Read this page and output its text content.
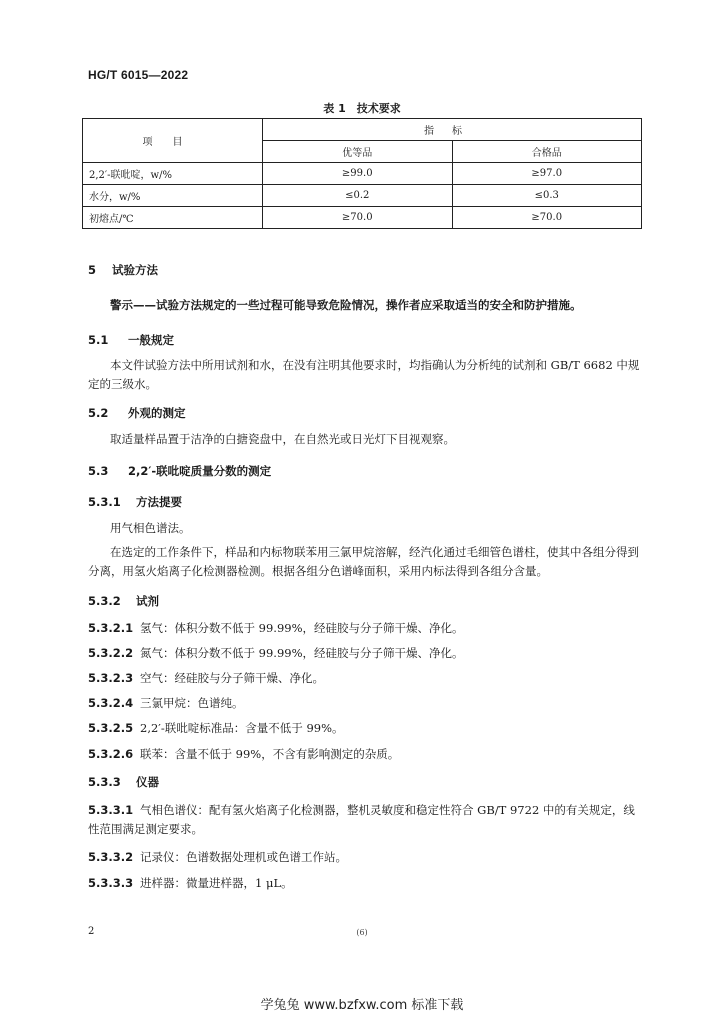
HG/T 6015—2022
表 1　技术要求
项目	指标	
	优等品	合格品
2,2′-联吡啶，w/%	≥99.0	≥97.0
水分，w/%	≤0.2	≤0.3
初熔点/℃	≥70.0	≥70.0
5 试验方法
警示——试验方法规定的一些过程可能导致危险情况，操作者应采取适当的安全和防护措施。
5.1 一般规定
本文件试验方法中所用试剂和水，在没有注明其他要求时，均指确认为分析纯的试剂和 GB/T 6682 中规定的三级水。
5.2 外观的测定
取适量样品置于洁净的白搪瓷盘中，在自然光或日光灯下目视观察。
5.3 2,2′-联吡啶质量分数的测定
5.3.1 方法提要
用气相色谱法。
在选定的工作条件下，样品和内标物联苯用三氯甲烷溶解，经汽化通过毛细管色谱柱，使其中各组分得到分离，用氢火焰离子化检测器检测。根据各组分色谱峰面积，采用内标法得到各组分含量。
5.3.2 试剂
5.3.2.1 氢气：体积分数不低于 99.99%，经硅胶与分子筛干燥、净化。
5.3.2.2 氮气：体积分数不低于 99.99%，经硅胶与分子筛干燥、净化。
5.3.2.3 空气：经硅胶与分子筛干燥、净化。
5.3.2.4 三氯甲烷：色谱纯。
5.3.2.5 2,2′-联吡啶标准品：含量不低于 99%。
5.3.2.6 联苯：含量不低于 99%，不含有影响测定的杂质。
5.3.3 仪器
5.3.3.1 气相色谱仪：配有氢火焰离子化检测器，整机灵敏度和稳定性符合 GB/T 9722 中的有关规定，线性范围满足测定要求。
5.3.3.2 记录仪：色谱数据处理机或色谱工作站。
5.3.3.3 进样器：微量进样器，1 μL。
2	(6)
学兔兔 www.bzfxw.com 标准下载
